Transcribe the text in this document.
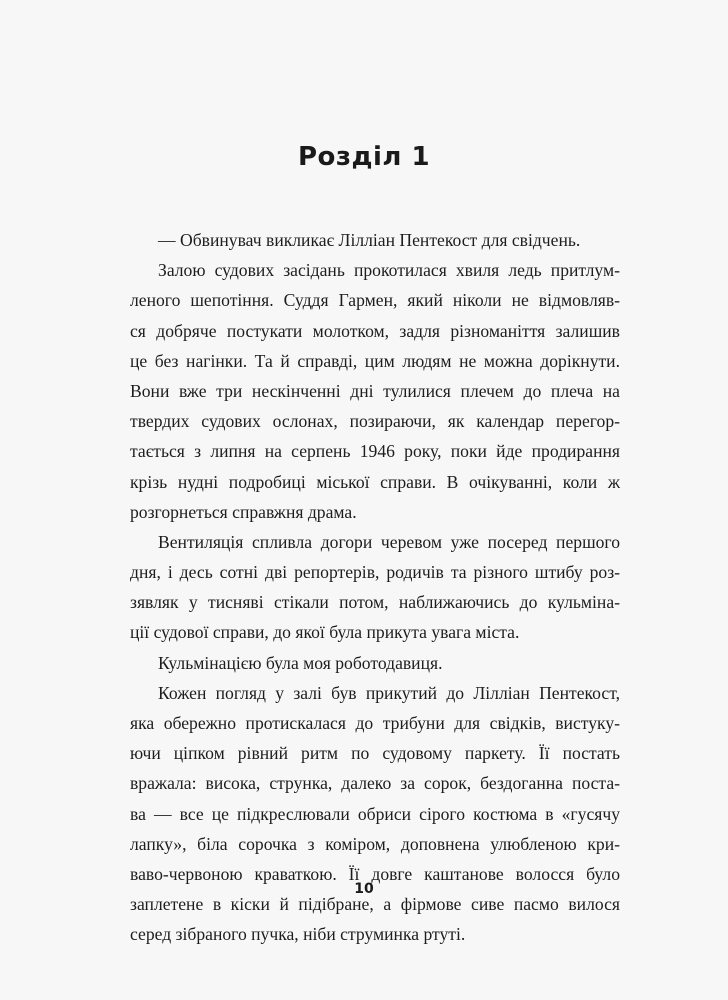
Розділ 1
— Обвинувач викликає Лілліан Пентекост для свідчень.
Залою судових засідань прокотилася хвиля ледь притлум-
леного шепотіння. Суддя Гармен, який ніколи не відмовляв-
ся добряче постукати молотком, задля різноманіття залишив
це без нагінки. Та й справді, цим людям не можна дорікнути.
Вони вже три нескінченні дні тулилися плечем до плеча на
твердих судових ослонах, позираючи, як календар перегор-
тається з липня на серпень 1946 року, поки йде продирання
крізь нудні подробиці міської справи. В очікуванні, коли ж
розгорнеться справжня драма.
Вентиляція спливла догори черевом уже посеред першого
дня, і десь сотні дві репортерів, родичів та різного штибу роз-
зявляк у тисняві стікали потом, наближаючись до кульміна-
ції судової справи, до якої була прикута увага міста.
Кульмінацією була моя роботодавиця.
Кожен погляд у залі був прикутий до Лілліан Пентекост,
яка обережно протискалася до трибуни для свідків, вистуку-
ючи ціпком рівний ритм по судовому паркету. Її постать
вражала: висока, струнка, далеко за сорок, бездоганна поста-
ва — все це підкреслювали обриси сірого костюма в «гусячу
лапку», біла сорочка з коміром, доповнена улюбленою кри-
ваво-червоною краваткою. Її довге каштанове волосся було
заплетене в кіски й підібране, а фірмове сиве пасмо вилося
серед зібраного пучка, ніби струминка ртуті.
10
